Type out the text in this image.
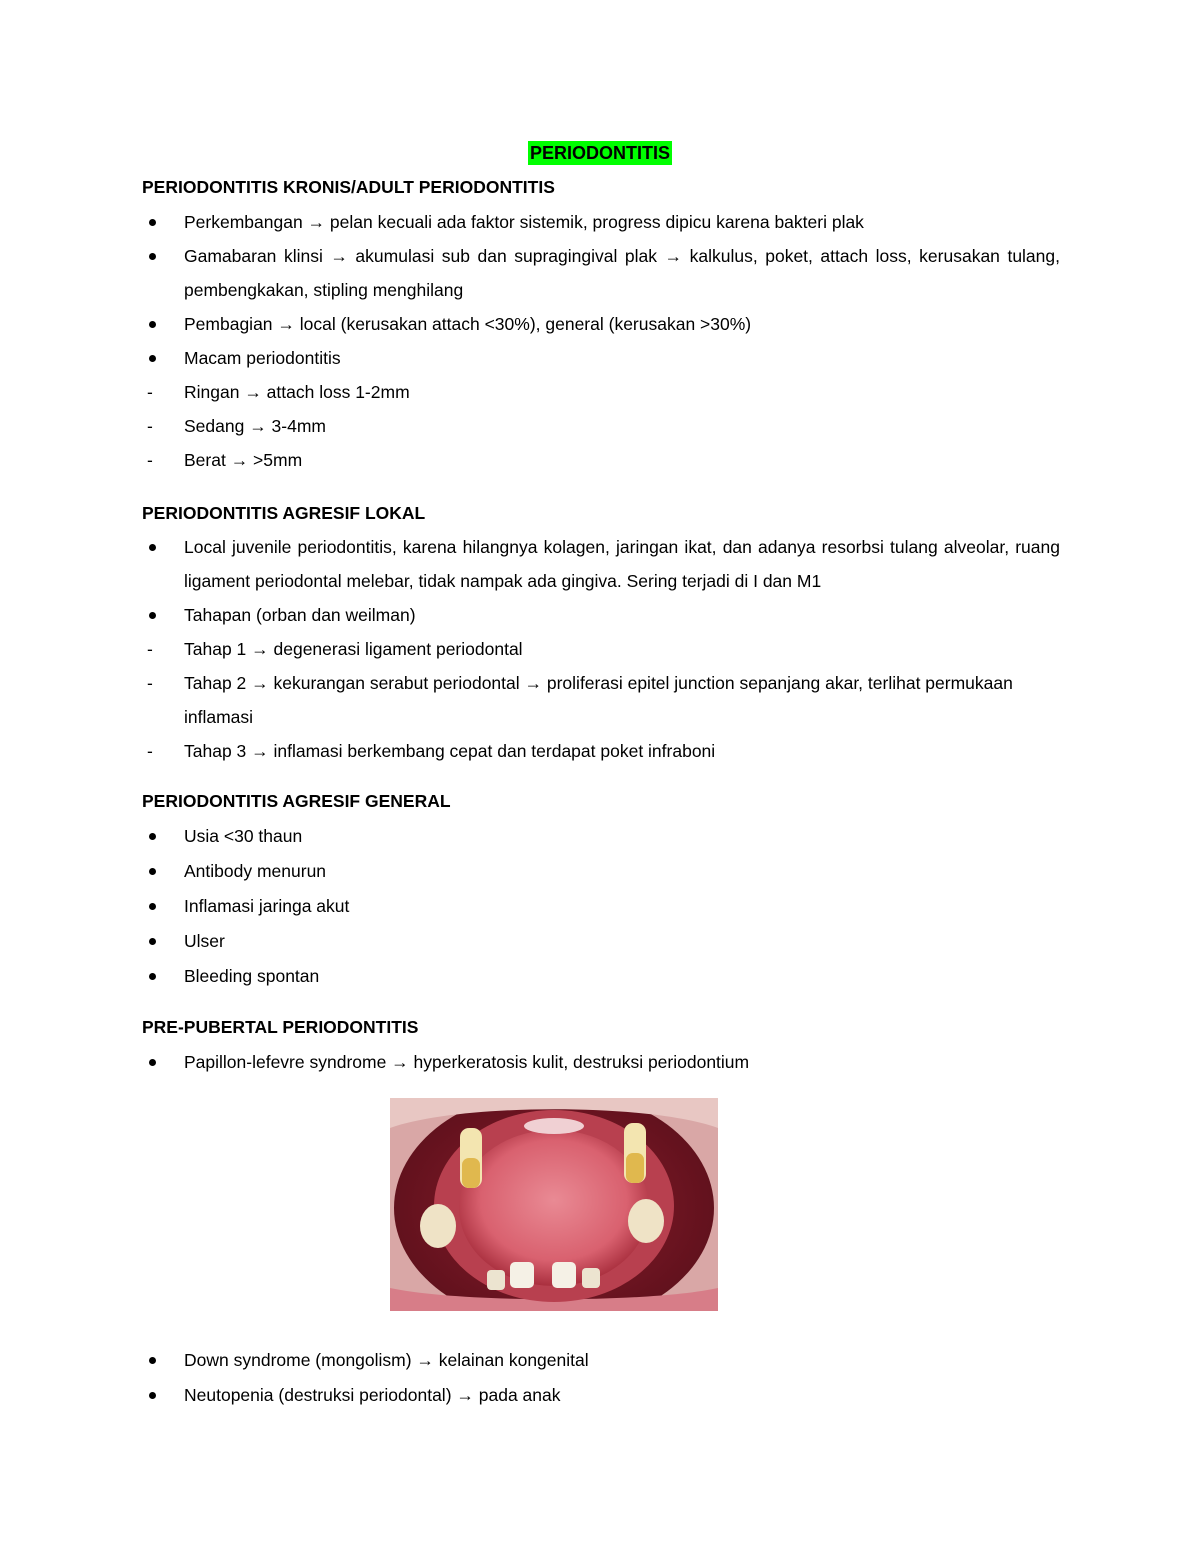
PERIODONTITIS

PERIODONTITIS KRONIS/ADULT PERIODONTITIS

Perkembangan → pelan kecuali ada faktor sistemik, progress dipicu karena bakteri plak
Gamabaran klinsi → akumulasi sub dan supragingival plak → kalkulus, poket, attach loss, kerusakan tulang, pembengkakan, stipling menghilang
Pembagian → local (kerusakan attach <30%), general (kerusakan >30%)
Macam periodontitis
- Ringan → attach loss 1-2mm
- Sedang → 3-4mm
- Berat → >5mm

PERIODONTITIS AGRESIF LOKAL

Local juvenile periodontitis, karena hilangnya kolagen, jaringan ikat, dan adanya resorbsi tulang alveolar, ruang ligament periodontal melebar, tidak nampak ada gingiva. Sering terjadi di I dan M1
Tahapan (orban dan weilman)
- Tahap 1 → degenerasi ligament periodontal
- Tahap 2 → kekurangan serabut periodontal → proliferasi epitel junction sepanjang akar, terlihat permukaan inflamasi
- Tahap 3 → inflamasi berkembang cepat dan terdapat poket infraboni

PERIODONTITIS AGRESIF GENERAL

Usia <30 thaun
Antibody menurun
Inflamasi jaringa akut
Ulser
Bleeding spontan

PRE-PUBERTAL PERIODONTITIS

Papillon-lefevre syndrome → hyperkeratosis kulit, destruksi periodontium
Down syndrome (mongolism) → kelainan kongenital
Neutopenia (destruksi periodontal) → pada anak
